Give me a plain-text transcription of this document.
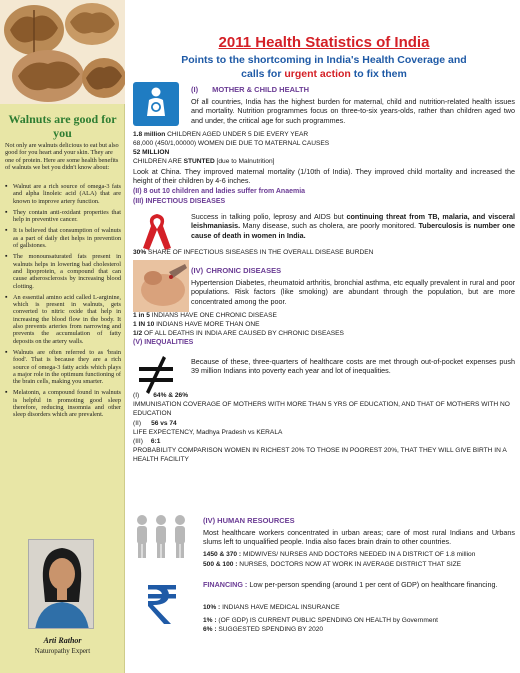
Walnuts are good for you

Not only are walnuts delicious to eat but also good for you heart and your skin. They are one of protein. Here are some health benefits of walnuts we bet you didn't know about:

▪ Walnut are a rich source of omega-3 fats and alpha linoleic acid (ALA) that are known to improve artery function.
▪ They contain anti-oxidant properties that help in preventive cancer.
▪ It is believed that consumption of walnuts as a part of daily diet helps in prevention of gallstones.
▪ The monounsaturated fats present in walnuts helps in lowering bad cholesterol and lipoprotein, a compound that can cause atherosclerosis by increasing blood clotting.
▪ An essential amino acid called L-arginine, which is present in walnuts, gets converted to nitric oxide that help in increasing the blood flow in the body. It also prevents arteries from narrowing and prevents the accumulation of fatty deposits on the artery walls.
▪ Walnuts are often referred to as 'brain food'. That is because they are a rich source of omega-3 fatty acids which plays a major role in the optimum functioning of the brain cells, making you smarter.
▪ Melatonin, a compound found in walnuts is helpful in promoting good sleep therefore, reducing insomnia and other sleep disorders which are prevalent.
Arti Rathor
Naturopathy Expert
2011 Health Statistics of India
Points to the shortcoming in India's Health Coverage and
calls for urgent action to fix them
(I) MOTHER & CHILD HEALTH

Of all countries, India has the highest burden for maternal, child and nutrition-related health issues and mortality. Nutrition programmes focus on three-to-six years-olds, rather than children aged two and under, the critical age for such programmes.

1.8 million CHILDREN AGED UNDER 5 DIE EVERY YEAR
68,000 (450/1,00000) WOMEN DIE DUE TO MATERNAL CAUSES
52 MILLION
CHILDREN ARE STUNTED [due to Malnutrition]

Look at China. They improved maternal mortality (1/10th of India). They improved child mortality and increased the height of their children by 4-6 inches.

(II) 8 out 10 children and ladies suffer from Anaemia
(III) INFECTIOUS DISEASES

Success in talking polio, leprosy and AIDS but continuing threat from TB, malaria, and visceral leishmaniasis. Many disease, such as cholera, are poorly monitored. Tuberculosis is number one cause of death in women in India.

30% SHARE OF INFECTIOUS SISEASES IN THE OVERALL DISEASE BURDEN
(IV) CHRONIC DISEASES

Hypertension Diabetes, rheumatoid arthritis, bronchial asthma, etc equally prevalent in rural and poor populations. Risk factors (like smoking) are abundant through the population, but are more concentrated among the poor.

1 in 5 INDIANS HAVE ONE CHRONIC DISEASE
1 IN 10 INDIANS HAVE MORE THAN ONE
1/2 OF ALL DEATHS IN INDIA ARE CAUSED BY CHRONIC DISEASES
(V) INEQUALITIES

Because of these, three-quarters of healthcare costs are met through out-of-pocket expenses push 39 million Indians into poverty each year and lot of inequalities.

(I) 64% & 26%
IMMUNISATION COVERAGE OF MOTHERS WITH MORE THAN 5 YRS OF EDUCATION, AND THAT OF MOTHERS WITH NO EDUCATION
(II) 56 vs 74
LIFE EXPECTENCY, Madhya Pradesh vs KERALA
(III) 6:1
PROBABILITY COMPARISON WOMEN IN RICHEST 20% TO THOSE IN POOREST 20%, THAT THEY WILL GIVE BIRTH IN A HEALTH FACILITY
(IV) HUMAN RESOURCES

Most healthcare workers concentrated in urban areas; care of most rural Indians and Urbans slums left to unqualified people. India also faces brain drain to other countries.

1450 & 370 : MIDWIVES/ NURSES AND DOCTORS NEEDED IN A DISTRICT OF 1.8 million
500 & 100 : NURSES, DOCTORS NOW AT WORK IN AVERAGE DISTRICT THAT SIZE

FINANCING : Low per-person spending (around 1 per cent of GDP) on healthcare financing.

10% : INDIANS HAVE MEDICAL INSURANCE
1% : (OF GDP) IS CURRENT PUBLIC SPENDING ON HEALTH by Government
6% : SUGGESTED SPENDING BY 2020
